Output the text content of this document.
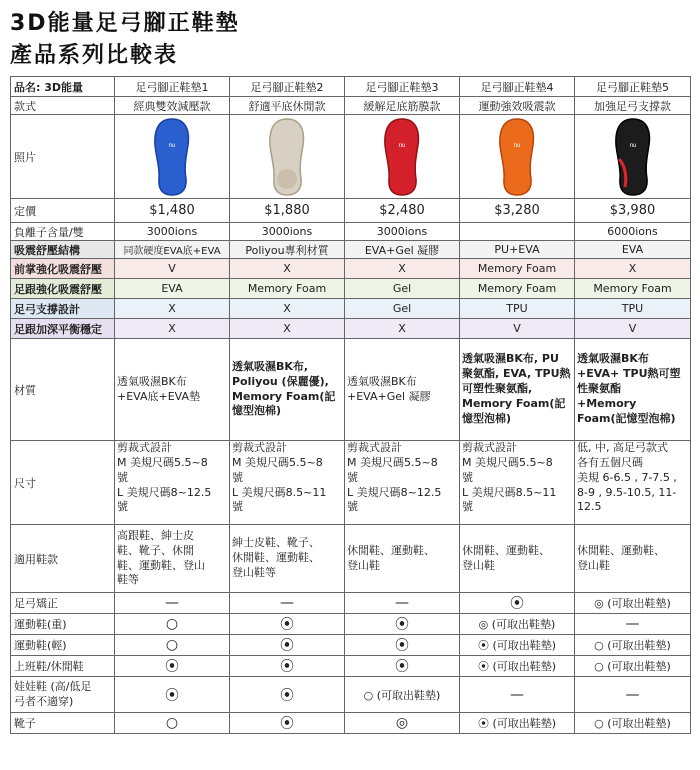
3D能量足弓腳正鞋墊
產品系列比較表
品名: 3D能量	足弓腳正鞋墊1	足弓腳正鞋墊2	足弓腳正鞋墊3	足弓腳正鞋墊4	足弓腳正鞋墊5
款式	經典雙效減壓款	舒適平底休閒款	緩解足底筋膜款	運動強效吸震款	加強足弓支撐款
照片	nu		nu	nu	nu

定價	$1,480	$1,880	$2,480	$3,280	$3,980
負離子含量/雙	3000ions	3000ions	3000ions		6000ions
吸震舒壓結構	同款硬度EVA底+EVA	Poliyou專利材質	EVA+Gel 凝膠	PU+EVA	EVA
前掌強化吸震舒壓	V	X	X	Memory Foam	X
足跟強化吸震舒壓	EVA	Memory Foam	Gel	Memory Foam	Memory Foam
足弓支撐設計	X	X	Gel	TPU	TPU
足跟加深平衡穩定	X	X	X	V	V
材質	透氣吸濕BK布
+EVA底+EVA墊	透氣吸濕BK布,
Poliyou (保麗優),
Memory Foam(記
憶型泡棉)	透氣吸濕BK布
+EVA+Gel 凝膠	透氣吸濕BK布, PU
聚氨酯, EVA, TPU熱
可塑性聚氨酯,
Memory Foam(記
憶型泡棉)	透氣吸濕BK布
+EVA+ TPU熱可塑
性聚氨酯
+Memory
Foam(記憶型泡棉)
尺寸	剪裁式設計
M 美規尺碼5.5~8
號
L 美規尺碼8~12.5
號	剪裁式設計
M 美規尺碼5.5~8
號
L 美規尺碼8.5~11
號	剪裁式設計
M 美規尺碼5.5~8
號
L 美規尺碼8~12.5
號	剪裁式設計
M 美規尺碼5.5~8
號
L 美規尺碼8.5~11
號	低, 中, 高足弓款式
各有五個尺碼
美規 6-6.5 , 7-7.5 ,
8-9 , 9.5-10.5, 11-
12.5
適用鞋款	高跟鞋、紳士皮
鞋、靴子、休閒
鞋、運動鞋、登山
鞋等	紳士皮鞋、靴子、
休閒鞋、運動鞋、
登山鞋等	休閒鞋、運動鞋、
登山鞋	休閒鞋、運動鞋、
登山鞋	休閒鞋、運動鞋、
登山鞋
足弓矯正	—	—	—	⦿	◎ (可取出鞋墊)
運動鞋(重)	○	⦿	⦿	◎ (可取出鞋墊)	—
運動鞋(輕)	○	⦿	⦿	⦿ (可取出鞋墊)	○ (可取出鞋墊)
上班鞋/休閒鞋	⦿	⦿	⦿	⦿ (可取出鞋墊)	○ (可取出鞋墊)
娃娃鞋 (高/低足
弓者不適穿)	⦿	⦿	○ (可取出鞋墊)	—	—
靴子	○	⦿	◎	⦿ (可取出鞋墊)	○ (可取出鞋墊)
